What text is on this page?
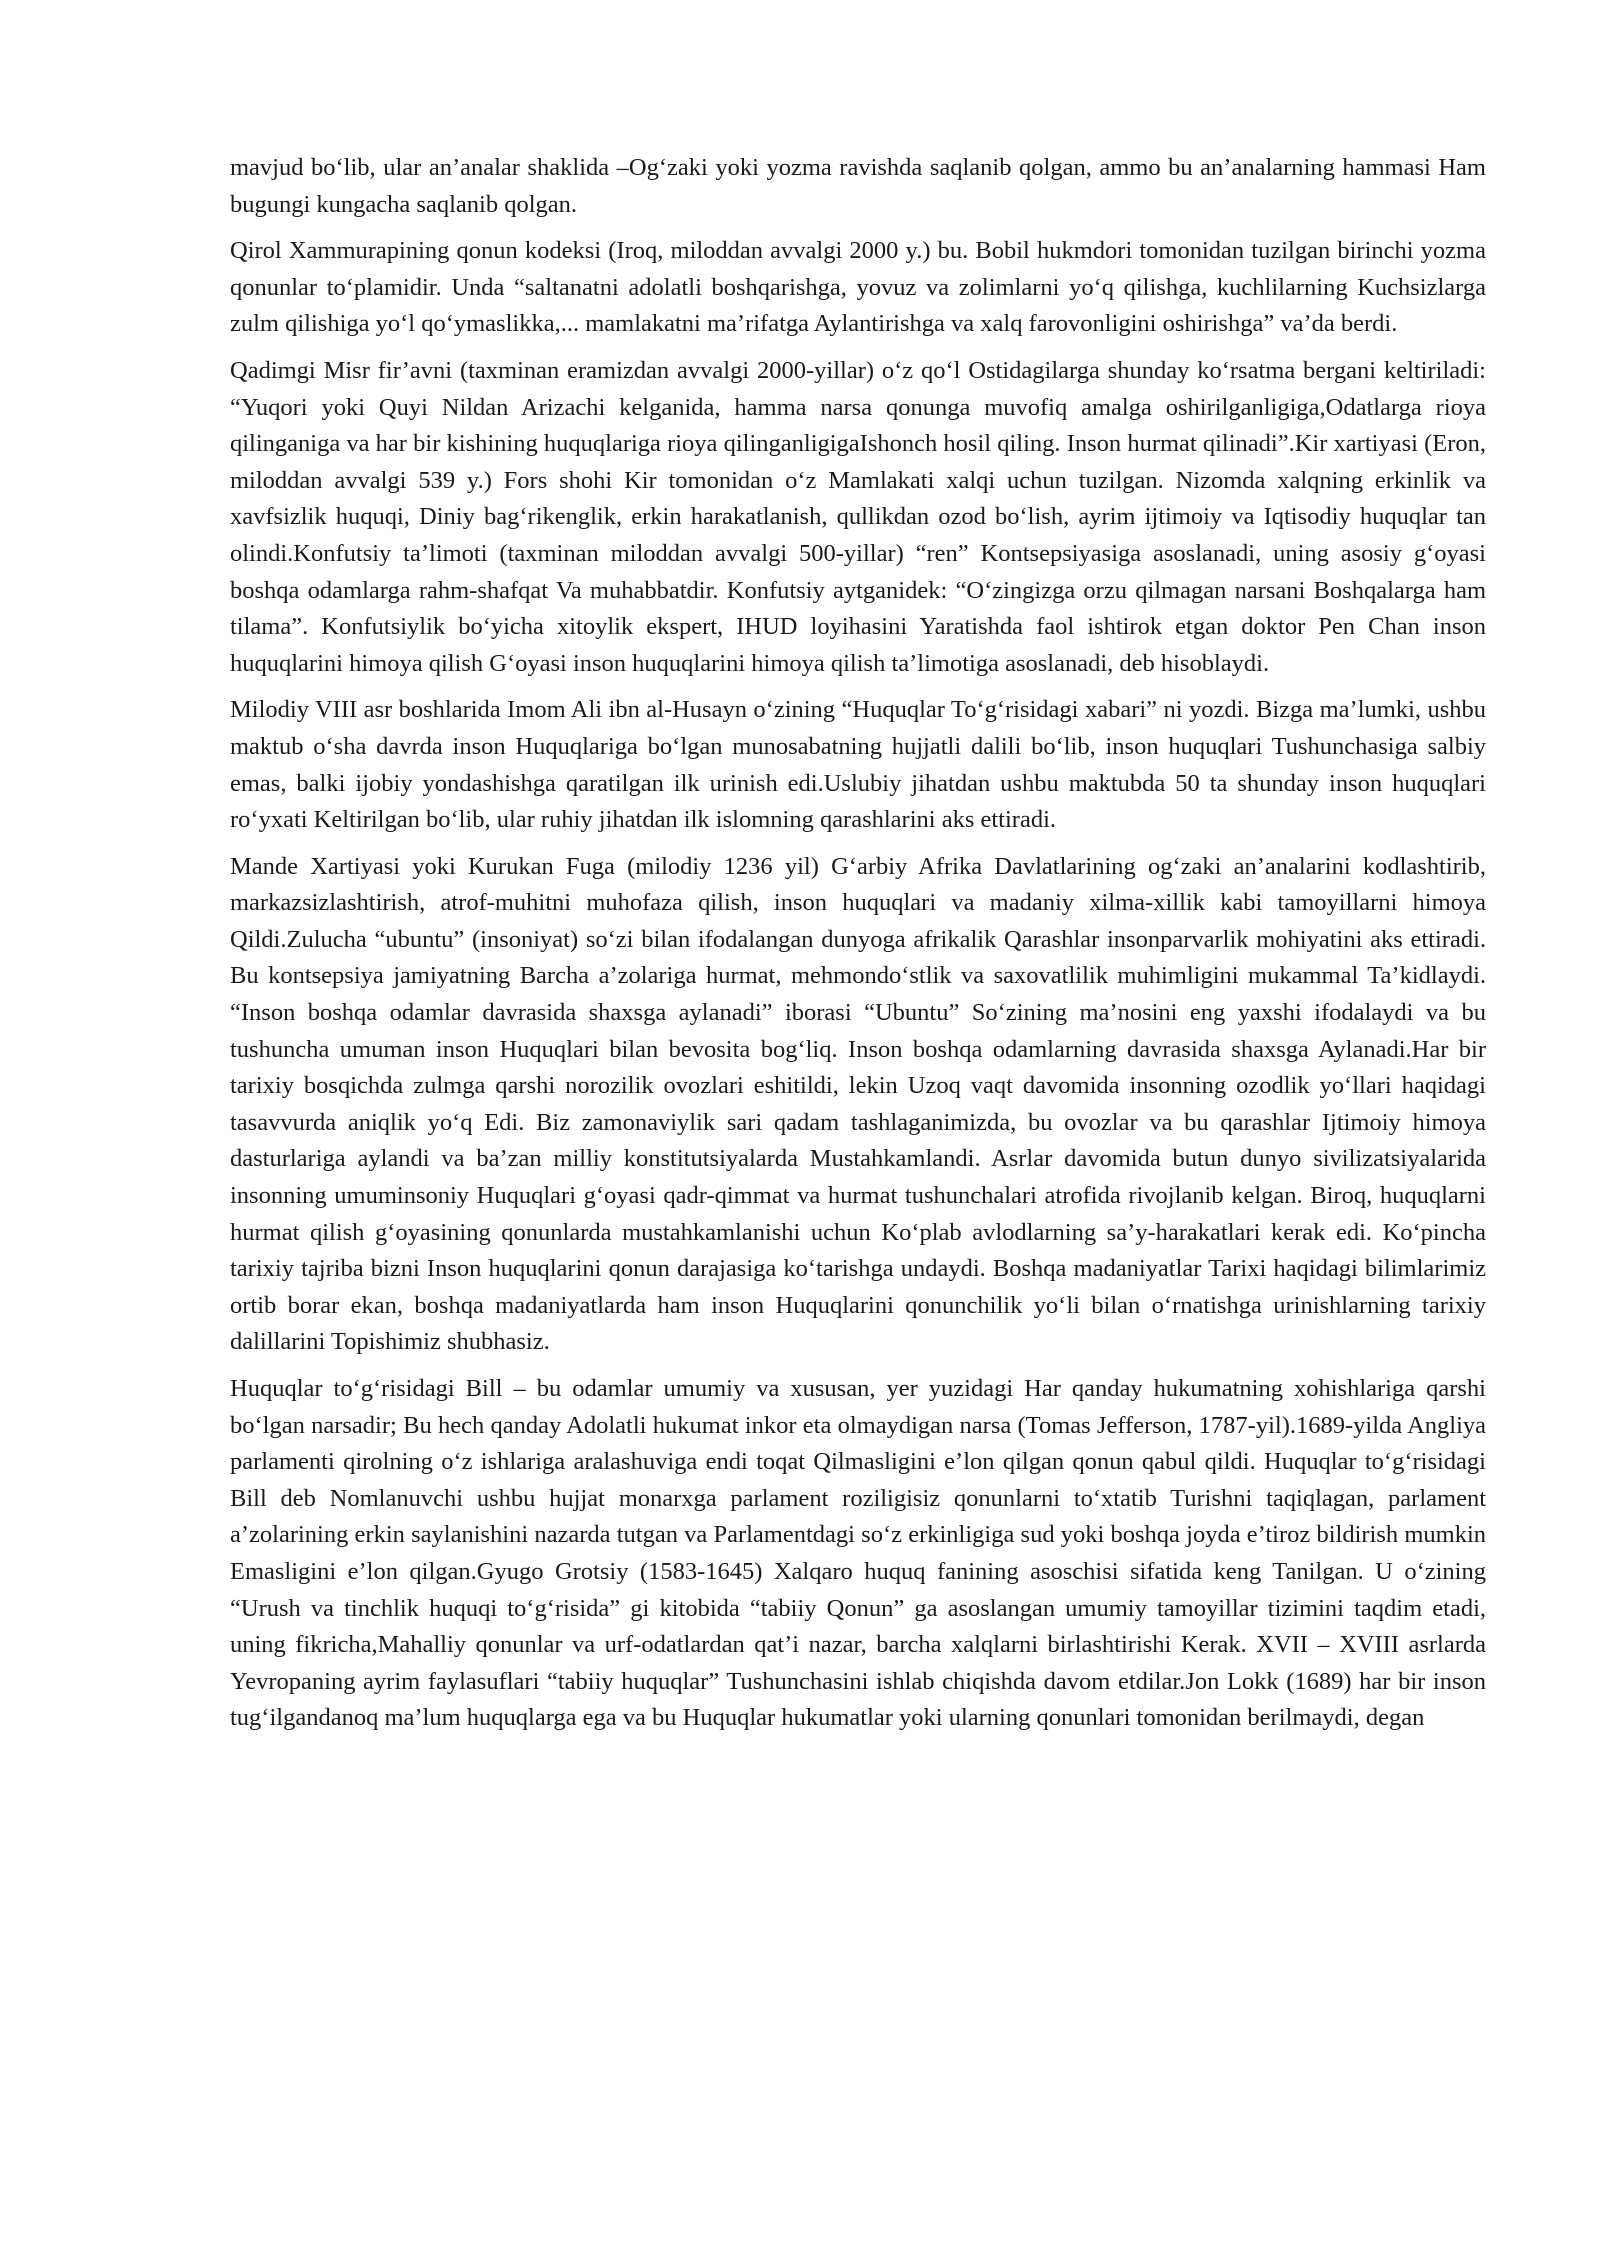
mavjud bo‘lib, ular an’analar shaklida –Og‘zaki yoki yozma ravishda saqlanib qolgan, ammo bu an’analarning hammasi Ham bugungi kungacha saqlanib qolgan.

Qirol Xammurapining qonun kodeksi (Iroq, miloddan avvalgi 2000 y.) bu. Bobil hukmdori tomonidan tuzilgan birinchi yozma qonunlar to‘plamidir. Unda “saltanatni adolatli boshqarishga, yovuz va zolimlarni yo‘q qilishga, kuchlilarning Kuchsizlarga zulm qilishiga yo‘l qo‘ymaslikka,... mamlakatni ma’rifatga Aylantirishga va xalq farovonligini oshirishga” va’da berdi.

Qadimgi Misr fir’avni (taxminan eramizdan avvalgi 2000-yillar) o‘z qo‘l Ostidagilarga shunday ko‘rsatma bergani keltiriladi: “Yuqori yoki Quyi Nildan Arizachi kelganida, hamma narsa qonunga muvofiq amalga oshirilganligiga,Odatlarga rioya qilinganiga va har bir kishining huquqlariga rioya qilinganligigaIshonch hosil qiling. Inson hurmat qilinadi”.Kir xartiyasi (Eron, miloddan avvalgi 539 y.) Fors shohi Kir tomonidan o‘z Mamlakati xalqi uchun tuzilgan. Nizomda xalqning erkinlik va xavfsizlik huquqi, Diniy bag‘rikenglik, erkin harakatlanish, qullikdan ozod bo‘lish, ayrim ijtimoiy va Iqtisodiy huquqlar tan olindi.Konfutsiy ta’limoti (taxminan miloddan avvalgi 500-yillar) “ren” Kontsepsiyasiga asoslanadi, uning asosiy g‘oyasi boshqa odamlarga rahm-shafqat Va muhabbatdir. Konfutsiy aytganidek: “O‘zingizga orzu qilmagan narsani Boshqalarga ham tilama”. Konfutsiylik bo‘yicha xitoylik ekspert, IHUD loyihasini Yaratishda faol ishtirok etgan doktor Pen Chan inson huquqlarini himoya qilish G‘oyasi inson huquqlarini himoya qilish ta’limotiga asoslanadi, deb hisoblaydi.

Milodiy VIII asr boshlarida Imom Ali ibn al-Husayn o‘zining “Huquqlar To‘g‘risidagi xabari” ni yozdi. Bizga ma’lumki, ushbu maktub o‘sha davrda inson Huquqlariga bo‘lgan munosabatning hujjatli dalili bo‘lib, inson huquqlari Tushunchasiga salbiy emas, balki ijobiy yondashishga qaratilgan ilk urinish edi.Uslubiy jihatdan ushbu maktubda 50 ta shunday inson huquqlari ro‘yxati Keltirilgan bo‘lib, ular ruhiy jihatdan ilk islomning qarashlarini aks ettiradi.

Mande Xartiyasi yoki Kurukan Fuga (milodiy 1236 yil) G‘arbiy Afrika Davlatlarining og‘zaki an’analarini kodlashtirib, markazsizlashtirish, atrof-muhitni muhofaza qilish, inson huquqlari va madaniy xilma-xillik kabi tamoyillarni himoya Qildi.Zulucha “ubuntu” (insoniyat) so‘zi bilan ifodalangan dunyoga afrikalik Qarashlar insonparvarlik mohiyatini aks ettiradi. Bu kontsepsiya jamiyatning Barcha a’zolariga hurmat, mehmondo‘stlik va saxovatlilik muhimligini mukammal Ta’kidlaydi. “Inson boshqa odamlar davrasida shaxsga aylanadi” iborasi “Ubuntu” So‘zining ma’nosini eng yaxshi ifodalaydi va bu tushuncha umuman inson Huquqlari bilan bevosita bog‘liq. Inson boshqa odamlarning davrasida shaxsga Aylanadi.Har bir tarixiy bosqichda zulmga qarshi norozilik ovozlari eshitildi, lekin Uzoq vaqt davomida insonning ozodlik yo‘llari haqidagi tasavvurda aniqlik yo‘q Edi. Biz zamonaviylik sari qadam tashlaganimizda, bu ovozlar va bu qarashlar Ijtimoiy himoya dasturlariga aylandi va ba’zan milliy konstitutsiyalarda Mustahkamlandi. Asrlar davomida butun dunyo sivilizatsiyalarida insonning umuminsoniy Huquqlari g‘oyasi qadr-qimmat va hurmat tushunchalari atrofida rivojlanib kelgan. Biroq, huquqlarni hurmat qilish g‘oyasining qonunlarda mustahkamlanishi uchun Ko‘plab avlodlarning sa’y-harakatlari kerak edi. Ko‘pincha tarixiy tajriba bizni Inson huquqlarini qonun darajasiga ko‘tarishga undaydi. Boshqa madaniyatlar Tarixi haqidagi bilimlarimiz ortib borar ekan, boshqa madaniyatlarda ham inson Huquqlarini qonunchilik yo‘li bilan o‘rnatishga urinishlarning tarixiy dalillarini Topishimiz shubhasiz.

Huquqlar to‘g‘risidagi Bill – bu odamlar umumiy va xususan, yer yuzidagi Har qanday hukumatning xohishlariga qarshi bo‘lgan narsadir; Bu hech qanday Adolatli hukumat inkor eta olmaydigan narsa (Tomas Jefferson, 1787-yil).1689-yilda Angliya parlamenti qirolning o‘z ishlariga aralashuviga endi toqat Qilmasligini e’lon qilgan qonun qabul qildi. Huquqlar to‘g‘risidagi Bill deb Nomlanuvchi ushbu hujjat monarxga parlament roziligisiz qonunlarni to‘xtatib Turishni taqiqlagan, parlament a’zolarining erkin saylanishini nazarda tutgan va Parlamentdagi so‘z erkinligiga sud yoki boshqa joyda e’tiroz bildirish mumkin Emasligini e’lon qilgan.Gyugo Grotsiy (1583-1645) Xalqaro huquq fanining asoschisi sifatida keng Tanilgan. U o‘zining “Urush va tinchlik huquqi to‘g‘risida” gi kitobida “tabiiy Qonun” ga asoslangan umumiy tamoyillar tizimini taqdim etadi, uning fikricha,Mahalliy qonunlar va urf-odatlardan qat’i nazar, barcha xalqlarni birlashtirishi Kerak. XVII – XVIII asrlarda Yevropaning ayrim faylasuflari “tabiiy huquqlar” Tushunchasini ishlab chiqishda davom etdilar.Jon Lokk (1689) har bir inson tug‘ilgandanoq ma’lum huquqlarga ega va bu Huquqlar hukumatlar yoki ularning qonunlari tomonidan berilmaydi, degan
